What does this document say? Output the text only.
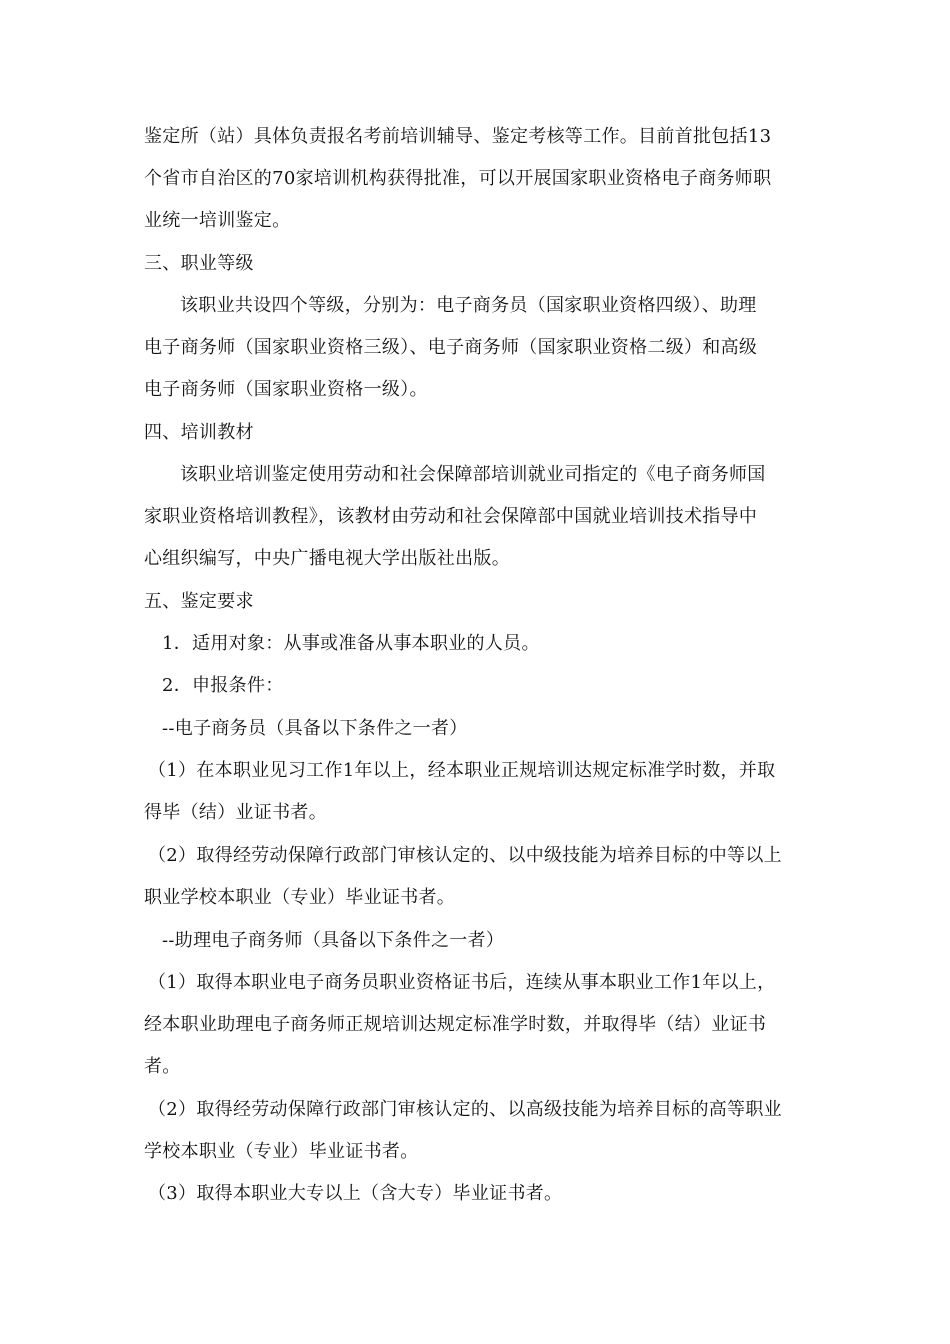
鉴定所（站）具体负责报名考前培训辅导、鉴定考核等工作。目前首批包括13
个省市自治区的70家培训机构获得批准，可以开展国家职业资格电子商务师职
业统一培训鉴定。
三、职业等级
该职业共设四个等级，分别为：电子商务员（国家职业资格四级）、助理
电子商务师（国家职业资格三级）、电子商务师（国家职业资格二级）和高级
电子商务师（国家职业资格一级）。
四、培训教材
该职业培训鉴定使用劳动和社会保障部培训就业司指定的《电子商务师国
家职业资格培训教程》，该教材由劳动和社会保障部中国就业培训技术指导中
心组织编写，中央广播电视大学出版社出版。
五、鉴定要求
1．适用对象：从事或准备从事本职业的人员。
2．申报条件：
--电子商务员（具备以下条件之一者）
（1）在本职业见习工作1年以上，经本职业正规培训达规定标准学时数，并取
得毕（结）业证书者。
（2）取得经劳动保障行政部门审核认定的、以中级技能为培养目标的中等以上
职业学校本职业（专业）毕业证书者。
--助理电子商务师（具备以下条件之一者）
（1）取得本职业电子商务员职业资格证书后，连续从事本职业工作1年以上，
经本职业助理电子商务师正规培训达规定标准学时数，并取得毕（结）业证书
者。
（2）取得经劳动保障行政部门审核认定的、以高级技能为培养目标的高等职业
学校本职业（专业）毕业证书者。
（3）取得本职业大专以上（含大专）毕业证书者。
